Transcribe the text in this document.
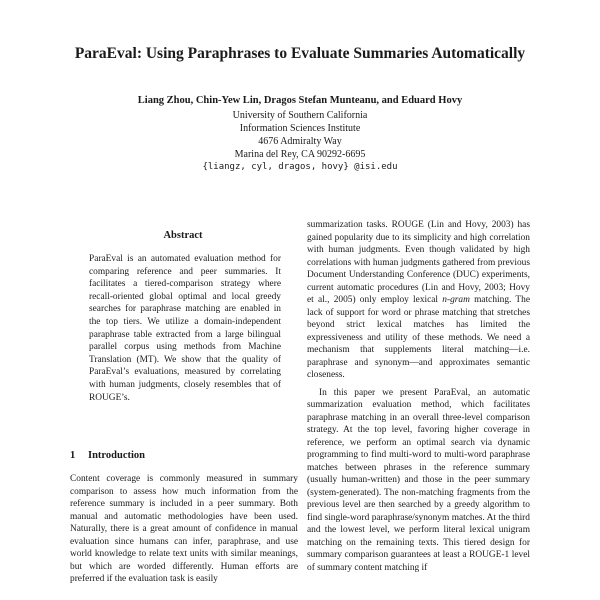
ParaEval: Using Paraphrases to Evaluate Summaries Automatically
Liang Zhou, Chin-Yew Lin, Dragos Stefan Munteanu, and Eduard Hovy
University of Southern California
Information Sciences Institute
4676 Admiralty Way
Marina del Rey, CA 90292-6695
{liangz, cyl, dragos, hovy} @isi.edu
Abstract
ParaEval is an automated evaluation method for comparing reference and peer summaries. It facilitates a tiered-comparison strategy where recall-oriented global optimal and local greedy searches for paraphrase matching are enabled in the top tiers. We utilize a domain-independent paraphrase table extracted from a large bilingual parallel corpus using methods from Machine Translation (MT). We show that the quality of ParaEval’s evaluations, measured by correlating with human judgments, closely resembles that of ROUGE’s.
1 Introduction
Content coverage is commonly measured in summary comparison to assess how much information from the reference summary is included in a peer summary. Both manual and automatic methodologies have been used. Naturally, there is a great amount of confidence in manual evaluation since humans can infer, paraphrase, and use world knowledge to relate text units with similar meanings, but which are worded differently. Human efforts are preferred if the evaluation task is easily

summarization tasks. ROUGE (Lin and Hovy, 2003) has gained popularity due to its simplicity and high correlation with human judgments. Even though validated by high correlations with human judgments gathered from previous Document Understanding Conference (DUC) experiments, current automatic procedures (Lin and Hovy, 2003; Hovy et al., 2005) only employ lexical n-gram matching. The lack of support for word or phrase matching that stretches beyond strict lexical matches has limited the expressiveness and utility of these methods. We need a mechanism that supplements literal matching—i.e. paraphrase and synonym—and approximates semantic closeness.

In this paper we present ParaEval, an automatic summarization evaluation method, which facilitates paraphrase matching in an overall three-level comparison strategy. At the top level, favoring higher coverage in reference, we perform an optimal search via dynamic programming to find multi-word to multi-word paraphrase matches between phrases in the reference summary (usually human-written) and those in the peer summary (system-generated). The non-matching fragments from the previous level are then searched by a greedy algorithm to find single-word paraphrase/synonym matches. At the third and the lowest level, we perform literal lexical unigram matching on the remaining texts. This tiered design for summary comparison guarantees at least a ROUGE-1 level of summary content matching if
